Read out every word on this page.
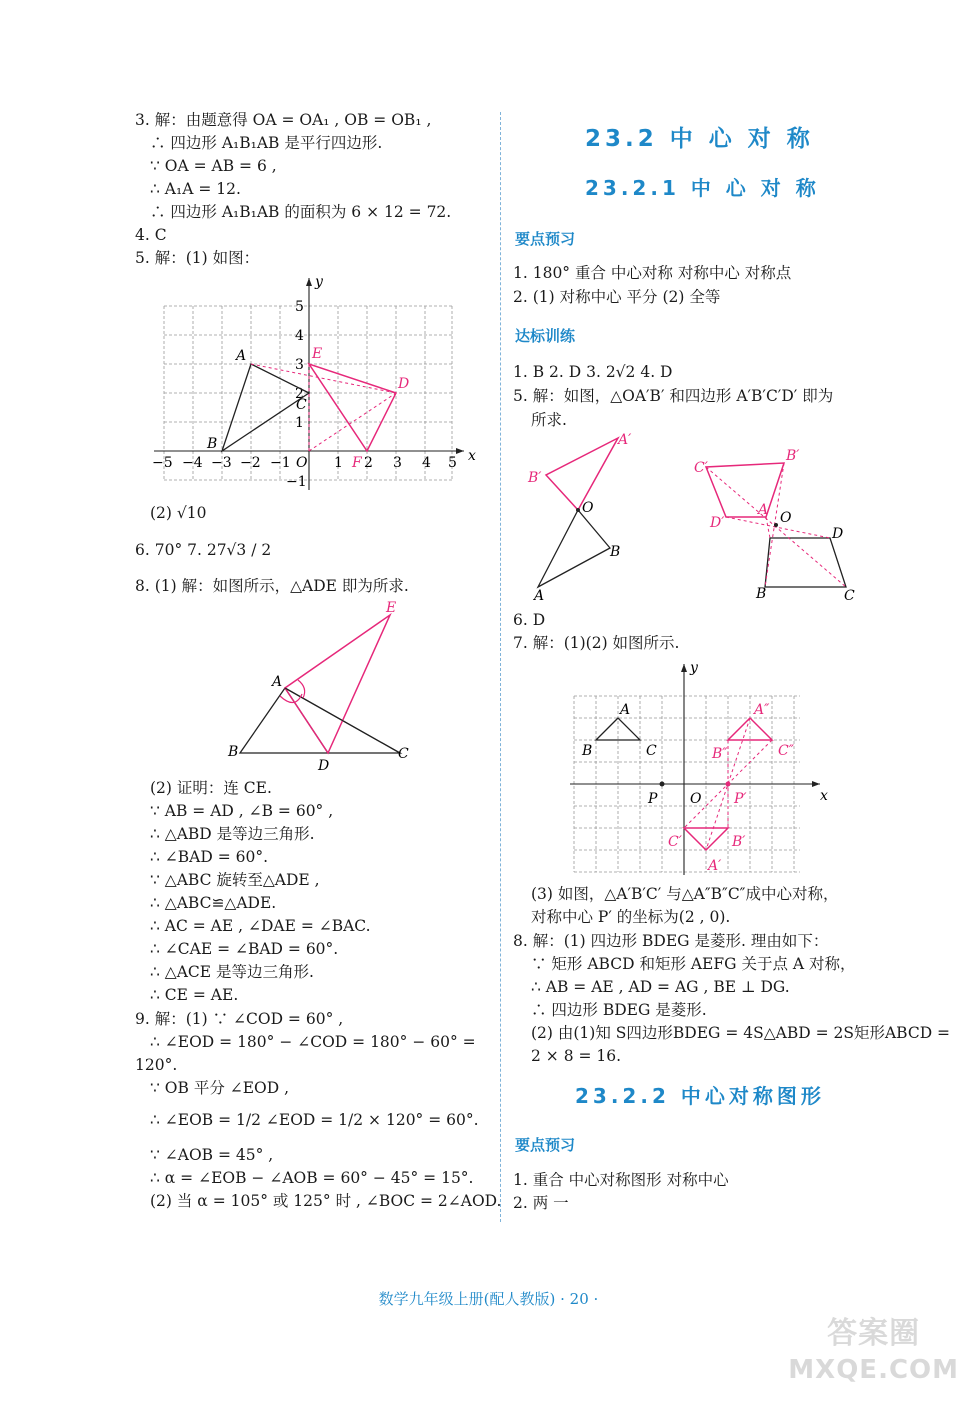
3. 解：由题意得 OA = OA₁ , OB = OB₁ ,
∴ 四边形 A₁B₁AB 是平行四边形.
∵ OA = AB = 6 ,
∴ A₁A = 12.
∴ 四边形 A₁B₁AB 的面积为 6 × 12 = 72.
4. C
5. 解：(1) 如图：
x
y
−5 −4 −3 −2 −1 O 1 2 3 4 5
5
4
3
2
1
−1
A
B
C
E
F
D
(2) √10
6. 70° 7. 27√3 / 2
8. (1) 解：如图所示，△ADE 即为所求.
A
B
D
C
E
(2) 证明：连 CE.
∵ AB = AD , ∠B = 60° ,
∴ △ABD 是等边三角形.
∴ ∠BAD = 60°.
∵ △ABC 旋转至△ADE ,
∴ △ABC≌△ADE.
∴ AC = AE , ∠DAE = ∠BAC.
∴ ∠CAE = ∠BAD = 60°.
∴ △ACE 是等边三角形.
∴ CE = AE.
9. 解：(1) ∵ ∠COD = 60° ,
∴ ∠EOD = 180° − ∠COD = 180° − 60° =
120°.
∵ OB 平分 ∠EOD ,
∴ ∠EOB = 1/2 ∠EOD = 1/2 × 120° = 60°.
∵ ∠AOB = 45° ,
∴ α = ∠EOB − ∠AOB = 60° − 45° = 15°.
(2) 当 α = 105° 或 125° 时 , ∠BOC = 2∠AOD.
23.2 中 心 对 称
23.2.1 中 心 对 称
要点预习
1. 180° 重合 中心对称 对称中心 对称点
2. (1) 对称中心 平分 (2) 全等
达标训练
1. B 2. D 3. 2√2 4. D
5. 解：如图，△OA′B′ 和四边形 A′B′C′D′ 即为
所求.
A′
B′
O
B
A
C′
B′
D′
A O
D
B	C
6. D
7. 解：(1)(2) 如图所示.
x
y
A
B	C
A″
B″	C″
P O P′
C′	B′
A′
(3) 如图，△A′B′C′ 与△A″B″C″成中心对称，
对称中心 P′ 的坐标为(2 , 0).
8. 解：(1) 四边形 BDEG 是菱形. 理由如下：
∵ 矩形 ABCD 和矩形 AEFG 关于点 A 对称，
∴ AB = AE , AD = AG , BE ⊥ DG.
∴ 四边形 BDEG 是菱形.
(2) 由(1)知 S四边形BDEG = 4S△ABD = 2S矩形ABCD =
2 × 8 = 16.
23.2.2 中心对称图形
要点预习
1. 重合 中心对称图形 对称中心
2. 两 一
数学九年级上册(配人教版) · 20 ·
答案圈
MXQE.COM
